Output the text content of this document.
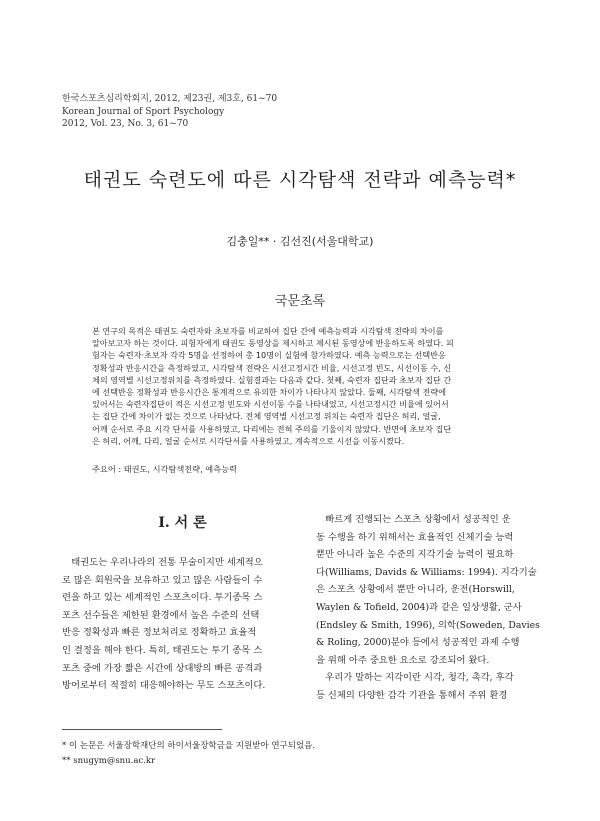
한국스포츠심리학회지, 2012, 제23권, 제3호, 61~70
Korean Journal of Sport Psychology
2012, Vol. 23, No. 3, 61~70
태권도 숙련도에 따른 시각탐색 전략과 예측능력*
김충일** · 김선진(서울대학교)
국문초록
본 연구의 목적은 태권도 숙련자와 초보자를 비교하여 집단 간에 예측능력과 시각탐색 전략의 차이를
알아보고자 하는 것이다. 피험자에게 태권도 동영상을 제시하고 제시된 동영상에 반응하도록 하였다. 피
험자는 숙련자·초보자 각각 5명을 선정하여 총 10명이 실험에 참가하였다. 예측 능력으로는 선택반응
정확성과 반응시간을 측정하였고, 시각탐색 전략은 시선고정시간 비율, 시선고정 빈도, 시선이동 수, 신
체의 영역별 시선고정위치를 측정하였다. 실험결과는 다음과 같다. 첫째, 숙련자 집단과 초보자 집단 간
에 선택반응 정확성과 반응시간은 통계적으로 유의한 차이가 나타나지 않았다. 둘째, 시각탐색 전략에
있어서는 숙련자집단이 적은 시선고정 빈도와 시선이동 수를 나타내었고, 시선고정시간 비율에 있어서
는 집단 간에 차이가 없는 것으로 나타났다. 전체 영역별 시선고정 위치는 숙련자 집단은 허리, 얼굴,
어깨 순서로 주요 시각 단서를 사용하였고, 다리에는 전혀 주의를 기울이지 않았다. 반면에 초보자 집단
은 허리, 어깨, 다리, 얼굴 순서로 시각단서를 사용하였고, 계속적으로 시선을 이동시켰다.
주요어 : 태권도, 시각탐색전략, 예측능력
I. 서 론
　태권도는 우리나라의 전통 무술이지만 세계적으
로 많은 회원국을 보유하고 있고 많은 사람들이 수
련을 하고 있는 세계적인 스포츠이다. 투기종목 스
포츠 선수들은 제한된 환경에서 높은 수준의 선택
반응 정확성과 빠른 정보처리로 정확하고 효율적
인 결정을 해야 한다. 특히, 태권도는 투기 종목 스
포츠 중에 가장 짧은 시간에 상대방의 빠른 공격과
방어로부터 적절히 대응해야하는 무도 스포츠이다.
　빠르게 진행되는 스포츠 상황에서 성공적인 운
동 수행을 하기 위해서는 효율적인 신체기술 능력
뿐만 아니라 높은 수준의 지각기술 능력이 필요하
다(Williams, Davids & Williams: 1994). 지각기술
은 스포츠 상황에서 뿐만 아니라, 운전(Horswill,
Waylen & Tofield, 2004)과 같은 일상생활, 군사
(Endsley & Smith, 1996), 의학(Soweden, Davies
& Roling, 2000)분야 등에서 성공적인 과제 수행
을 위해 아주 중요한 요소로 강조되어 왔다.
　우리가 말하는 지각이란 시각, 청각, 촉각, 후각
등 신체의 다양한 감각 기관을 통해서 주위 환경
* 이 논문은 서울장학재단의 하이서울장학금을 지원받아 연구되었음.
** snugym@snu.ac.kr
